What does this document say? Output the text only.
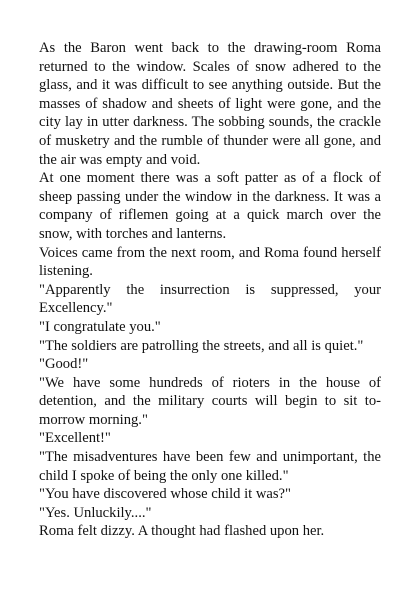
As the Baron went back to the drawing-room Roma returned to the window. Scales of snow adhered to the glass, and it was difficult to see anything outside. But the masses of shadow and sheets of light were gone, and the city lay in utter darkness. The sobbing sounds, the crackle of musketry and the rumble of thunder were all gone, and the air was empty and void.

At one moment there was a soft patter as of a flock of sheep passing under the window in the darkness. It was a company of riflemen going at a quick march over the snow, with torches and lanterns.

Voices came from the next room, and Roma found herself listening.

"Apparently the insurrection is suppressed, your Excellency."

"I congratulate you."

"The soldiers are patrolling the streets, and all is quiet."

"Good!"

"We have some hundreds of rioters in the house of detention, and the military courts will begin to sit to-morrow morning."

"Excellent!"

"The misadventures have been few and unimportant, the child I spoke of being the only one killed."

"You have discovered whose child it was?"

"Yes. Unluckily...."

Roma felt dizzy. A thought had flashed upon her.
